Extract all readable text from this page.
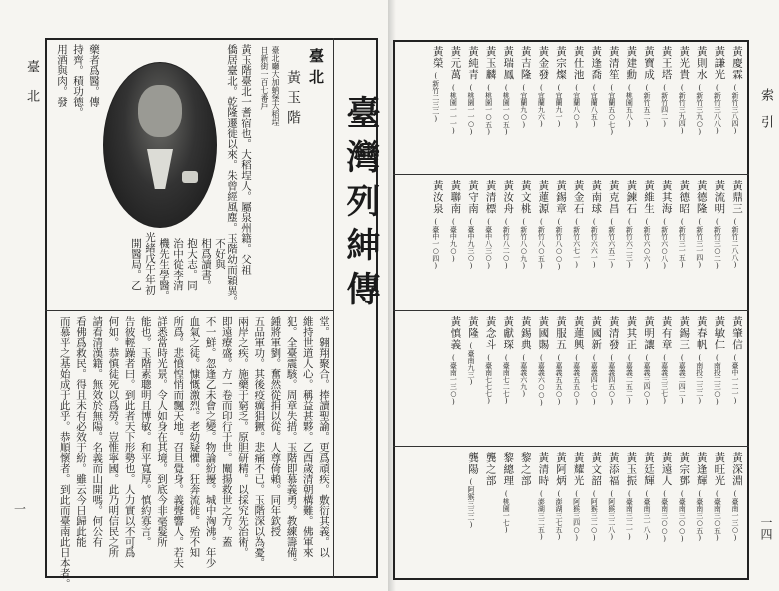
臺北
一
臺灣列紳傳
臺北
黃玉階
臺北廳大加蚋堡大稻埕
日新街一百七番戶
黃玉階臺北一耆宿也。大稻埕人。屬泉州籍。父祖
僑居臺北。乾隆遷徙以來。朱曾經風塵。玉階幼而穎異。
不好與
相爲讀書。
抱大志。同
治中從李清
機先生學醫。
光緒戊午年初
開醫局。乙
藥者爲醫。傳
持齊。積功德。
用酒與肉。發
堂。翱翔聚合。捧讀聖諭。更爲頑疾。敷衍其義。以
維持世道人心。稱益甚夥。乙酉歲清朝構難。佛軍來
犯。全臺震駭。周章失措。玉階即慕義勇。教練籌備。
鍾將軍劉。奮然從捐以從。人尊倚賴。同年欽授
五品軍功。其後疫癘猖獗。悲痛不已。玉階深以為憂。
兩岸之疾。施藥于窮乏。原胆研精。以採究先治術。
即遠療盛。方一卷而印行于世。闡揚救世之方。蓋
不一鮮。忽逢乙未會之變。物論紛擾。城中洶沸。年少
血氣之徒。慷慨激烈。老幼疑懼。狂奔流徙。殆不知
所爲。悲憤惶悄而飄天地。召旦覺身。義聲響人。若夫
詳悉當時光景。令人如身在其境。到底今非毫髮所
能也。玉階素聰明且博敏。和平寬厚。慎約寡言。
告彼輕躁者曰。到此者天下形勢也。人力實以不可爲
何如。恭慎徒死以爲勞。豈惟寧國。此乃明信民之所
請看清漢籍。無效於無陽。名義而山開嗎。何公有
看佛爲救民。得且未有必效于紛。雖云今日歸此能
而慕平之基始成于此乎。恭順懷者。到此而臺南此日本者。
索引
一四
黃慶霖
(新竹三八四)
黃謙光
(新竹三八八)
黃則水
(新竹三九○)
黃光貴
(新竹三九四)
黃王塔
(新竹四二)
黃寶成
(新竹五二)
黃建勳
(桃園五八)
黃清笙
(宜蘭五○七)
黃逢喬
(宜蘭八五)
黃仕池
(宜蘭八○)
黃宗燦
(宜蘭九一)
黃金發
(宜蘭九六)
黃吉隆
(宜蘭九○)
黃瑞鳳
(桃園一○五)
黃玉麟
(桃園一○五)
黃純青
(桃園一一○)
黃元萬
(桃園一一一)
黃榮
(新竹二三二)
黃鼎三
(新竹二八八)
黃流明
(新竹三○二)
黃德隆
(新竹三一四)
黃德昭
(新竹三一五)
黃其海
(新竹六○八)
黃維生
(新竹六○六)
黃鍊石
(新竹六二三)
黃克昌
(新竹六五二)
黃南球
(新竹六六一)
黃金石
(新竹六七一)
黃錫章
(新竹八○○)
黃蓮源
(新竹八○五)
黃文桃
(新竹八○九)
黃汝舟
(新竹八二○)
黃清標
(臺中八三○)
黃守南
(臺中九三○)
黃聯南
(臺中九○)
黃汝泉
(臺中一○四)
黃肇信
(臺中一二一)
黃敏仁
(南投二三○)
黃春帆
(南投二三二)
黃錫三
(嘉義二四二)
黃有章
(嘉義三三七)
黃明讓
(嘉義三四○)
黃其正
(嘉義二五二)
黃清發
(嘉義四五○)
黃國新
(嘉義四七○)
黃蓮興
(嘉義五五○)
黃服五
(嘉義五五○)
黃國賜
(嘉義六○○)
黃錫典
(嘉義六九)
黃獻琛
(臺南七二七)
黃念斗
(臺南七七七)
黃隆
(臺南九三)
黃慎義
(臺南一三○)
黃深淵
(臺南一三○)
黃旺光
(臺南三○五)
黃逢輝
(臺南三○五)
黃宗鄧
(臺南三○○)
黃遠人
(臺南三○○)
黃廷輝
(臺南三一八)
黃玉振
(臺南三二一)
黃添福
(阿猴三二八)
黃文韶
(阿猴三二○)
黃耀光
(阿猴三四○)
黃阿炳
(澎湖三七五)
黃清時
(澎湖三二五)
黎之部
黎總理
(桃園一七)
龔之部
龔陽
(阿猴三三二)
